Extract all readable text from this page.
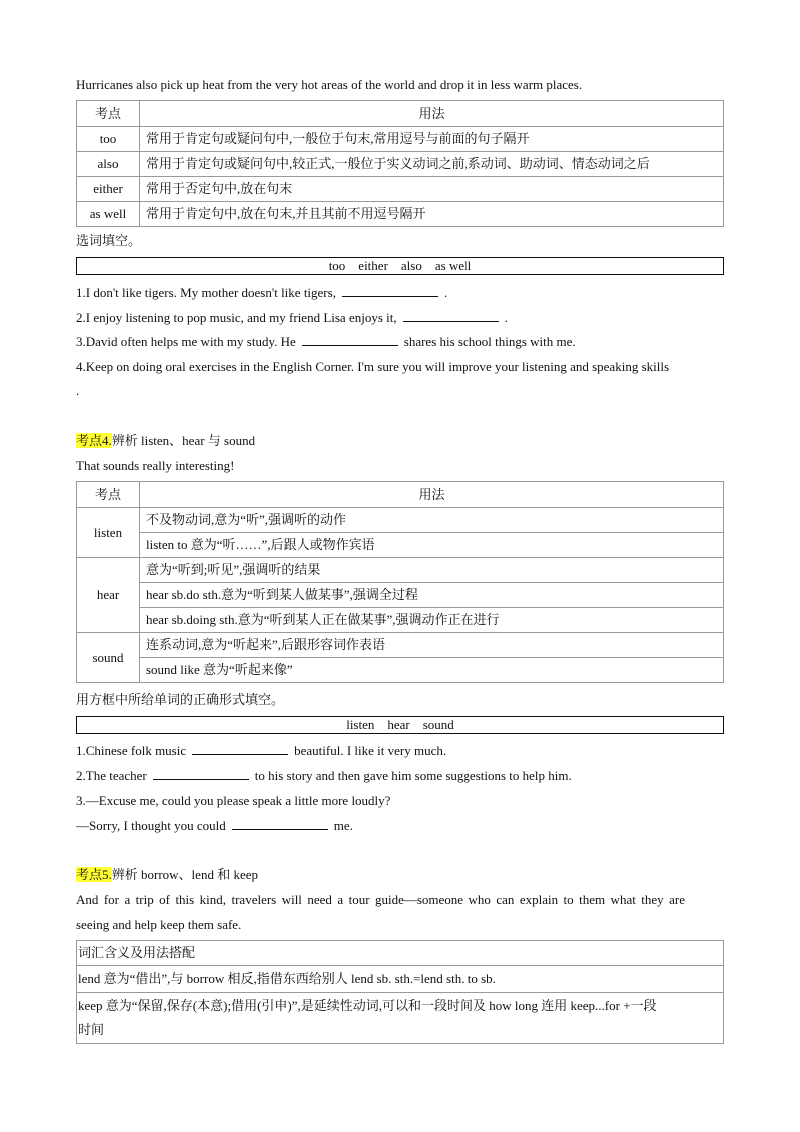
Hurricanes also pick up heat from the very hot areas of the world and drop it in less warm places.
考点	用法
too	常用于肯定句或疑问句中,一般位于句末,常用逗号与前面的句子隔开
also	常用于肯定句或疑问句中,较正式,一般位于实义动词之前,系动词、助动词、情态动词之后
either	常用于否定句中,放在句末
as well	常用于肯定句中,放在句末,并且其前不用逗号隔开
选词填空。
too    either    also    as well
1.I don't like tigers. My mother doesn't like tigers,	.
2.I enjoy listening to pop music, and my friend Lisa enjoys it,	.
3.David often helps me with my study. He	shares his school things with me.
4.Keep on doing oral exercises in the English Corner. I'm sure you will improve your listening and speaking skills
.
考点4.辨析 listen、hear 与 sound
That sounds really interesting!
考点	用法
listen	不及物动词,意为“听”,强调听的动作
	listen to 意为“听……”,后跟人或物作宾语
hear	意为“听到;听见”,强调听的结果
	hear sb.do sth.意为“听到某人做某事”,强调全过程
	hear sb.doing sth.意为“听到某人正在做某事”,强调动作正在进行
sound	连系动词,意为“听起来”,后跟形容词作表语
	sound like 意为“听起来像”
用方框中所给单词的正确形式填空。
listen    hear    sound
1.Chinese folk music	beautiful. I like it very much.
2.The teacher	to his story and then gave him some suggestions to help him.
3.—Excuse me, could you please speak a little more loudly?
—Sorry, I thought you could	me.
考点5.辨析 borrow、lend 和 keep
And for a trip of this kind, travelers will need a tour guide—someone who can explain to them what they are
seeing and help keep them safe.
词汇含义及用法搭配
lend 意为“借出”,与 borrow 相反,指借东西给别人 lend sb. sth.=lend sth. to sb.

keep 意为“保留,保存(本意);借用(引申)”,是延续性动词,可以和一段时间及 how long 连用 keep...for +一段
时间
